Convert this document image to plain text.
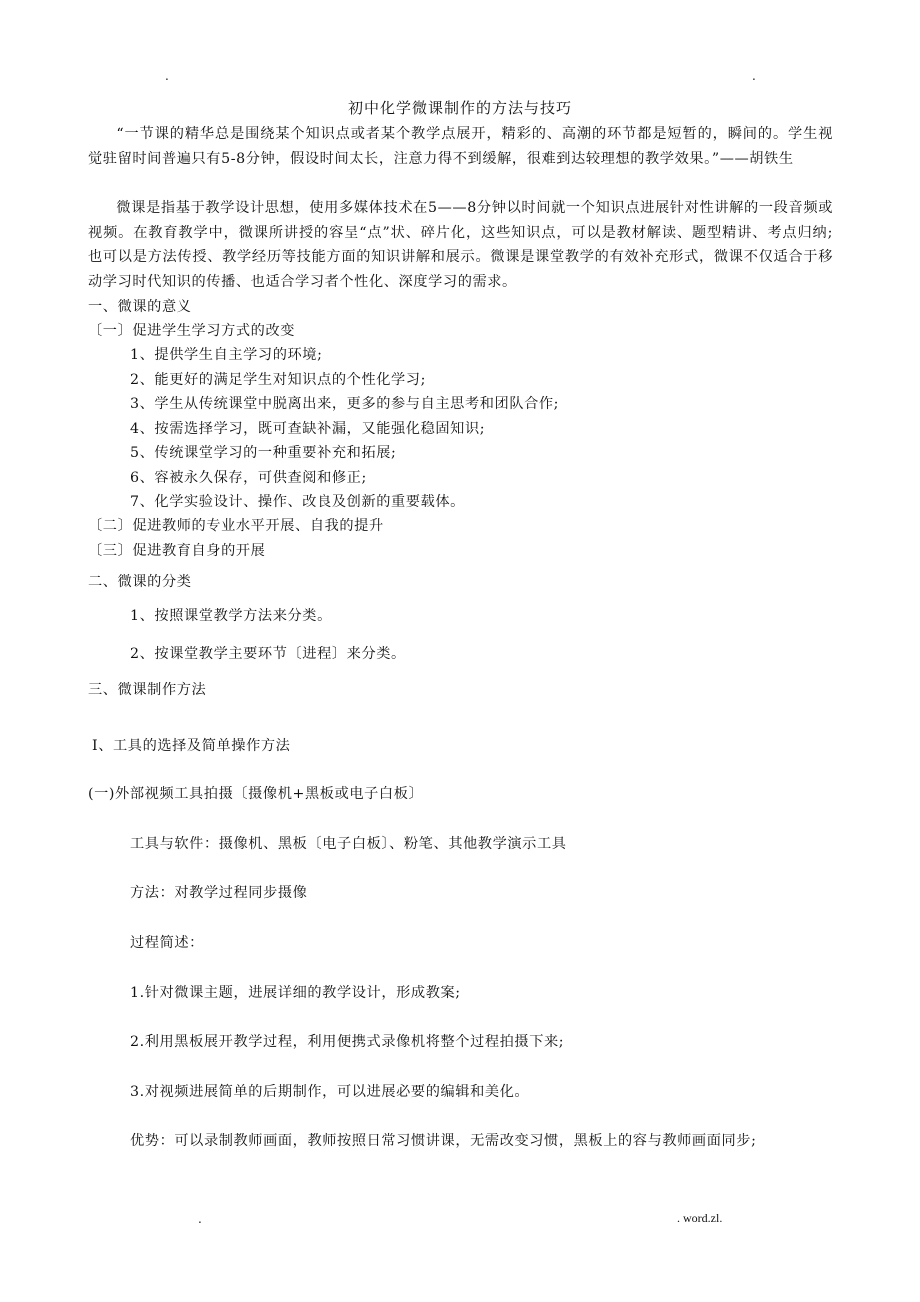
.	.
初中化学微课制作的方法与技巧
“一节课的精华总是围绕某个知识点或者某个教学点展开，精彩的、高潮的环节都是短暂的，瞬间的。学生视觉驻留时间普遍只有5-8分钟，假设时间太长，注意力得不到缓解，很难到达较理想的教学效果。”——胡铁生
微课是指基于教学设计思想，使用多媒体技术在5——8分钟以时间就一个知识点进展针对性讲解的一段音频或视频。在教育教学中，微课所讲授的容呈“点”状、碎片化，这些知识点，可以是教材解读、题型精讲、考点归纳;也可以是方法传授、教学经历等技能方面的知识讲解和展示。微课是课堂教学的有效补充形式，微课不仅适合于移动学习时代知识的传播、也适合学习者个性化、深度学习的需求。
一、微课的意义
〔一〕促进学生学习方式的改变
1、提供学生自主学习的环境;
2、能更好的满足学生对知识点的个性化学习;
3、学生从传统课堂中脱离出来，更多的参与自主思考和团队合作;
4、按需选择学习，既可查缺补漏，又能强化稳固知识;
5、传统课堂学习的一种重要补充和拓展;
6、容被永久保存，可供查阅和修正;
7、化学实验设计、操作、改良及创新的重要载体。
〔二〕促进教师的专业水平开展、自我的提升
〔三〕促进教育自身的开展
二、微课的分类
1、按照课堂教学方法来分类。
2、按课堂教学主要环节〔进程〕来分类。
三、微课制作方法
Ⅰ、工具的选择及简单操作方法
(一)外部视频工具拍摄〔摄像机+黑板或电子白板〕
工具与软件：摄像机、黑板〔电子白板〕、粉笔、其他教学演示工具
方法：对教学过程同步摄像
过程简述：
1.针对微课主题，进展详细的教学设计，形成教案;
2.利用黑板展开教学过程，利用便携式录像机将整个过程拍摄下来;
3.对视频进展简单的后期制作，可以进展必要的编辑和美化。
优势：可以录制教师画面，教师按照日常习惯讲课，无需改变习惯，黑板上的容与教师画面同步;
.	. word.zl.
